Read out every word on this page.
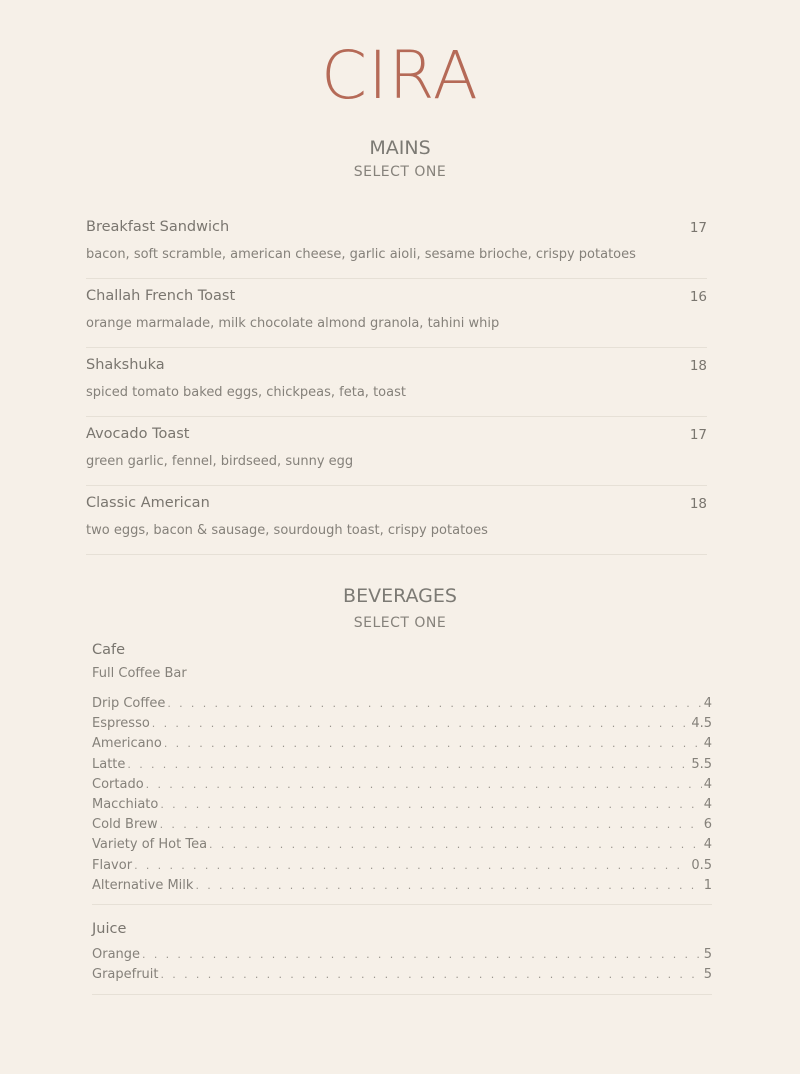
CIRA
MAINS
SELECT ONE
Breakfast Sandwich	17
bacon, soft scramble, american cheese, garlic aioli, sesame brioche, crispy potatoes
Challah French Toast	16
orange marmalade, milk chocolate almond granola, tahini whip
Shakshuka	18
spiced tomato baked eggs, chickpeas, feta, toast
Avocado Toast	17
green garlic, fennel, birdseed, sunny egg
Classic American	18
two eggs, bacon & sausage, sourdough toast, crispy potatoes
BEVERAGES
SELECT ONE
Cafe
Full Coffee Bar
Drip Coffee . . .	4
Espresso . . .	4.5
Americano . . .	4
Latte . . .	5.5
Cortado . . .	4
Macchiato . . .	4
Cold Brew . . .	6
Variety of Hot Tea . . .	4
Flavor . . .	0.5
Alternative Milk . . .	1
Juice
Orange . . .	5
Grapefruit . . .	5
